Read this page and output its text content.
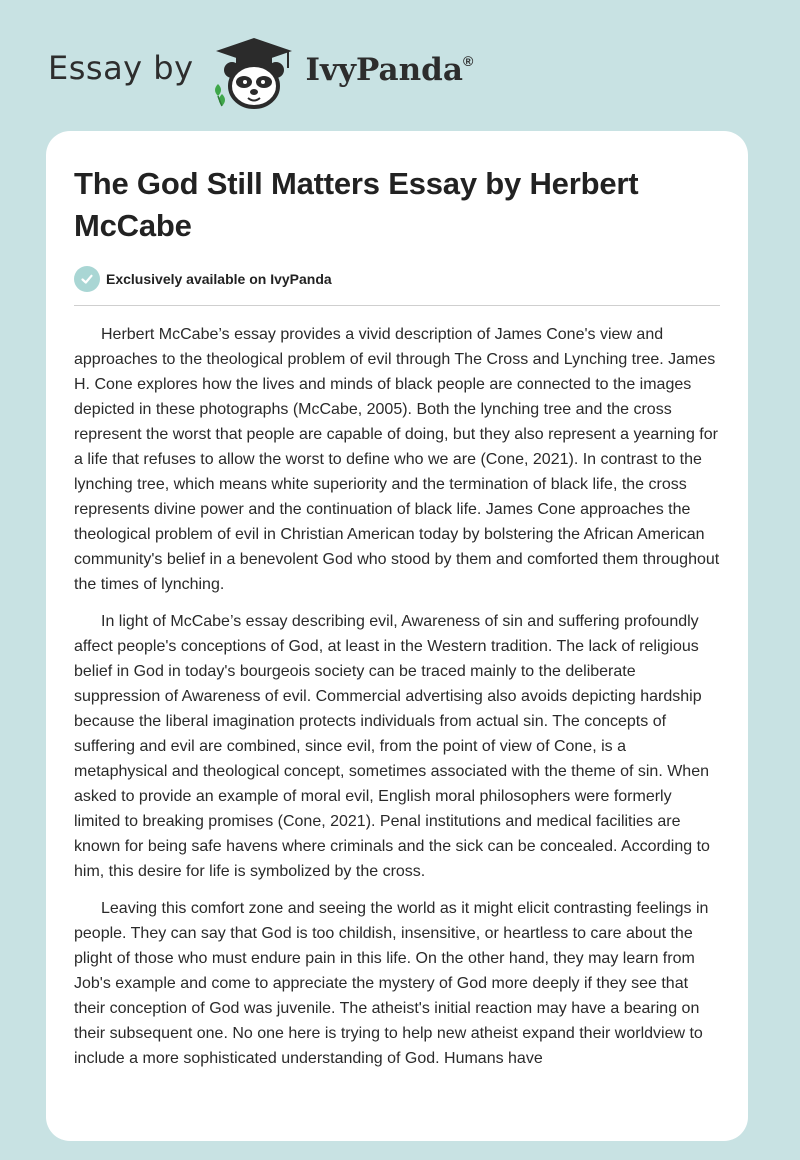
Essay by	IvyPanda®
The God Still Matters Essay by Herbert McCabe
Exclusively available on IvyPanda

Herbert McCabe’s essay provides a vivid description of James Cone's view and approaches to the theological problem of evil through The Cross and Lynching tree. James H. Cone explores how the lives and minds of black people are connected to the images depicted in these photographs (McCabe, 2005). Both the lynching tree and the cross represent the worst that people are capable of doing, but they also represent a yearning for a life that refuses to allow the worst to define who we are (Cone, 2021). In contrast to the lynching tree, which means white superiority and the termination of black life, the cross represents divine power and the continuation of black life. James Cone approaches the theological problem of evil in Christian American today by bolstering the African American community's belief in a benevolent God who stood by them and comforted them throughout the times of lynching.

In light of McCabe’s essay describing evil, Awareness of sin and suffering profoundly affect people's conceptions of God, at least in the Western tradition. The lack of religious belief in God in today's bourgeois society can be traced mainly to the deliberate suppression of Awareness of evil. Commercial advertising also avoids depicting hardship because the liberal imagination protects individuals from actual sin. The concepts of suffering and evil are combined, since evil, from the point of view of Cone, is a metaphysical and theological concept, sometimes associated with the theme of sin. When asked to provide an example of moral evil, English moral philosophers were formerly limited to breaking promises (Cone, 2021). Penal institutions and medical facilities are known for being safe havens where criminals and the sick can be concealed. According to him, this desire for life is symbolized by the cross.

Leaving this comfort zone and seeing the world as it might elicit contrasting feelings in people. They can say that God is too childish, insensitive, or heartless to care about the plight of those who must endure pain in this life. On the other hand, they may learn from Job's example and come to appreciate the mystery of God more deeply if they see that their conception of God was juvenile. The atheist's initial reaction may have a bearing on their subsequent one. No one here is trying to help new atheist expand their worldview to include a more sophisticated understanding of God. Humans have
